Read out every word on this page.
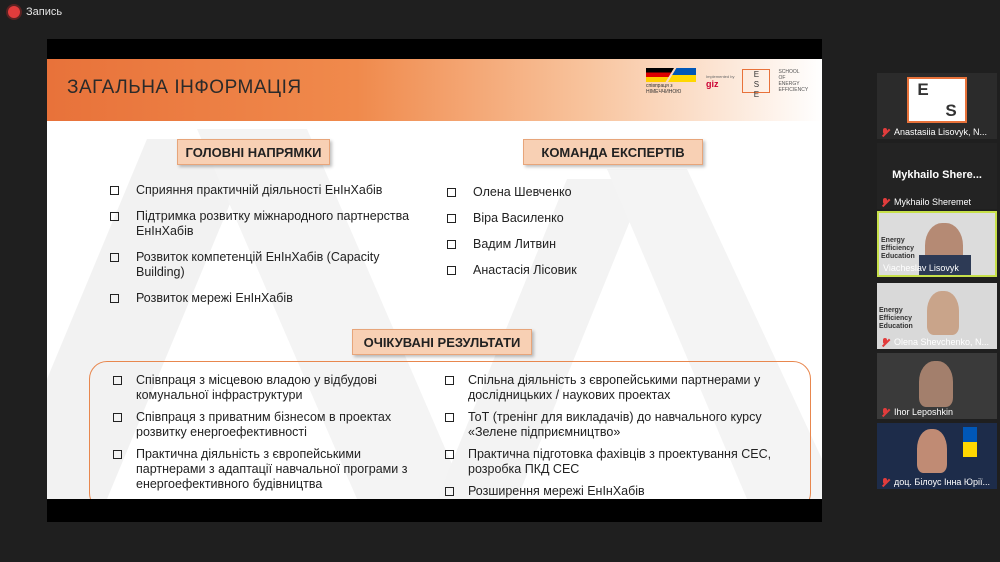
Запись
ЗАГАЛЬНА ІНФОРМАЦІЯ	співпраця з НІМЕЧЧИНОЮ
Implemented by
giz
E
S
E
SCHOOL OF ENERGY EFFICIENCY
ГОЛОВНІ НАПРЯМКИ
Сприяння практичній діяльності ЕнІнХабів
Підтримка розвитку міжнародного партнерства ЕнІнХабів
Розвиток компетенцій ЕнІнХабів (Capacity Building)
Розвиток мережі ЕнІнХабів
КОМАНДА ЕКСПЕРТІВ
Олена Шевченко
Віра Василенко
Вадим Литвин
Анастасія Лісовик
ОЧІКУВАНІ РЕЗУЛЬТАТИ
Співпраця з місцевою владою у відбудові комунальної інфраструктури
Співпраця з приватним бізнесом в проектах розвитку енергоефективності
Практична діяльність з європейськими партнерами з адаптації навчальної програми з енергоефективного будівництва
Спільна діяльність з європейськими партнерами у дослідницьких / наукових проектах
ТоТ (тренінг для викладачів) до навчального курсу «Зелене підприємництво»
Практична підготовка фахівців з проектування СЕС, розробка ПКД СЕС
Розширення мережі ЕнІнХабів
E
S
Anastasiia Lisovyk, N...
Mykhailo Shere...
Mykhailo Sheremet
Energy Efficiency Education
Viacheslav Lisovyk
Energy Efficiency Education
Olena Shevchenko, N...
Ihor Leposhkin
доц. Білоус Інна Юрії...
